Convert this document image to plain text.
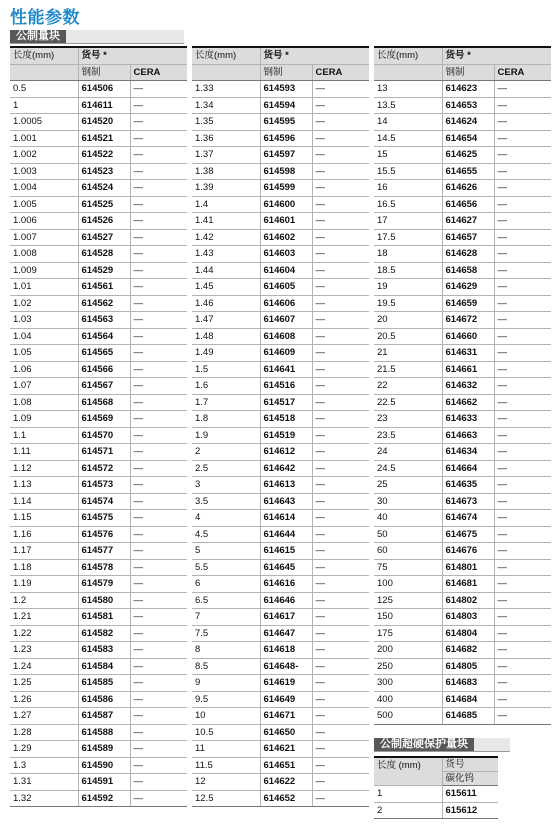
性能参数
公制量块
长度(mm)	货号 *	
	钢制	CERA
0.5	614506	—
1	614611	—
1.0005	614520	—
1.001	614521	—
1.002	614522	—
1.003	614523	—
1.004	614524	—
1.005	614525	—
1.006	614526	—
1.007	614527	—
1.008	614528	—
1.009	614529	—
1.01	614561	—
1.02	614562	—
1.03	614563	—
1.04	614564	—
1.05	614565	—
1.06	614566	—
1.07	614567	—
1.08	614568	—
1.09	614569	—
1.1	614570	—
1.11	614571	—
1.12	614572	—
1.13	614573	—
1.14	614574	—
1.15	614575	—
1.16	614576	—
1.17	614577	—
1.18	614578	—
1.19	614579	—
1.2	614580	—
1.21	614581	—
1.22	614582	—
1.23	614583	—
1.24	614584	—
1.25	614585	—
1.26	614586	—
1.27	614587	—
1.28	614588	—
1.29	614589	—
1.3	614590	—
1.31	614591	—
1.32	614592	—
长度(mm)	货号 *	
	钢制	CERA
1.33	614593	—
1.34	614594	—
1.35	614595	—
1.36	614596	—
1.37	614597	—
1.38	614598	—
1.39	614599	—
1.4	614600	—
1.41	614601	—
1.42	614602	—
1.43	614603	—
1.44	614604	—
1.45	614605	—
1.46	614606	—
1.47	614607	—
1.48	614608	—
1.49	614609	—
1.5	614641	—
1.6	614516	—
1.7	614517	—
1.8	614518	—
1.9	614519	—
2	614612	—
2.5	614642	—
3	614613	—
3.5	614643	—
4	614614	—
4.5	614644	—
5	614615	—
5.5	614645	—
6	614616	—
6.5	614646	—
7	614617	—
7.5	614647	—
8	614618	—
8.5	614648-	—
9	614619	—
9.5	614649	—
10	614671	—
10.5	614650	—
11	614621	—
11.5	614651	—
12	614622	—
12.5	614652	—
长度(mm)	货号 *	
	钢制	CERA
13	614623	—
13.5	614653	—
14	614624	—
14.5	614654	—
15	614625	—
15.5	614655	—
16	614626	—
16.5	614656	—
17	614627	—
17.5	614657	—
18	614628	—
18.5	614658	—
19	614629	—
19.5	614659	—
20	614672	—
20.5	614660	—
21	614631	—
21.5	614661	—
22	614632	—
22.5	614662	—
23	614633	—
23.5	614663	—
24	614634	—
24.5	614664	—
25	614635	—
30	614673	—
40	614674	—
50	614675	—
60	614676	—
75	614801	—
100	614681	—
125	614802	—
150	614803	—
175	614804	—
200	614682	—
250	614805	—
300	614683	—
400	614684	—
500	614685	—
公制超硬保护量块
长度 (mm)	货号
	碳化钨
1	615611
2	615612
